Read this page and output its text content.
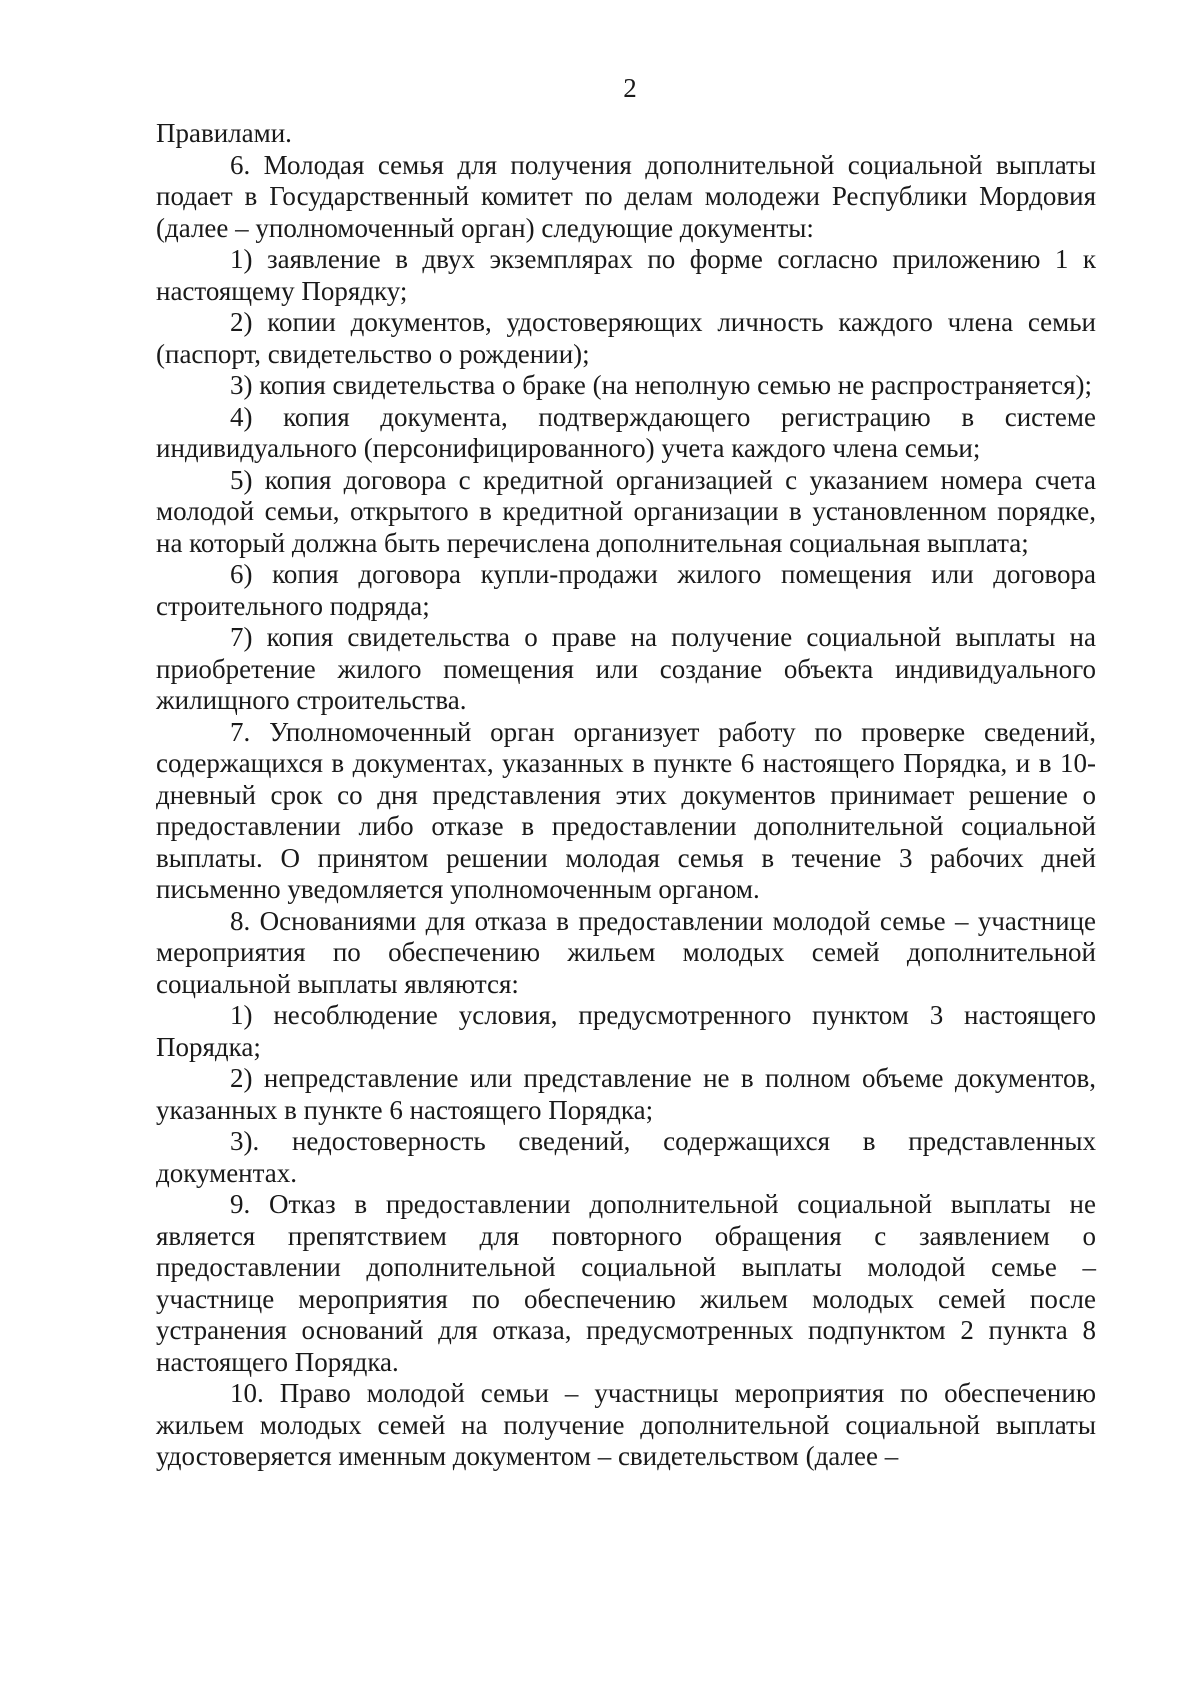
2

Правилами.

6. Молодая семья для получения дополнительной социальной выплаты подает в Государственный комитет по делам молодежи Республики Мордовия (далее – уполномоченный орган) следующие документы:

1) заявление в двух экземплярах по форме согласно приложению 1 к настоящему Порядку;

2) копии документов, удостоверяющих личность каждого члена семьи (паспорт, свидетельство о рождении);

3) копия свидетельства о браке (на неполную семью не распространяется);

4) копия документа, подтверждающего регистрацию в системе индивидуального (персонифицированного) учета каждого члена семьи;

5) копия договора с кредитной организацией с указанием номера счета молодой семьи, открытого в кредитной организации в установленном порядке, на который должна быть перечислена дополнительная социальная выплата;

6) копия договора купли-продажи жилого помещения или договора строительного подряда;

7) копия свидетельства о праве на получение социальной выплаты на приобретение жилого помещения или создание объекта индивидуального жилищного строительства.

7. Уполномоченный орган организует работу по проверке сведений, содержащихся в документах, указанных в пункте 6 настоящего Порядка, и в 10-дневный срок со дня представления этих документов принимает решение о предоставлении либо отказе в предоставлении дополнительной социальной выплаты. О принятом решении молодая семья в течение 3 рабочих дней письменно уведомляется уполномоченным органом.

8. Основаниями для отказа в предоставлении молодой семье – участнице мероприятия по обеспечению жильем молодых семей дополнительной социальной выплаты являются:

1) несоблюдение условия, предусмотренного пунктом 3 настоящего Порядка;

2) непредставление или представление не в полном объеме документов, указанных в пункте 6 настоящего Порядка;

3). недостоверность сведений, содержащихся в представленных документах.

9. Отказ в предоставлении дополнительной социальной выплаты не является препятствием для повторного обращения с заявлением о предоставлении дополнительной социальной выплаты молодой семье – участнице мероприятия по обеспечению жильем молодых семей после устранения оснований для отказа, предусмотренных подпунктом 2 пункта 8 настоящего Порядка.

10. Право молодой семьи – участницы мероприятия по обеспечению жильем молодых семей на получение дополнительной социальной выплаты удостоверяется именным документом – свидетельством (далее –
